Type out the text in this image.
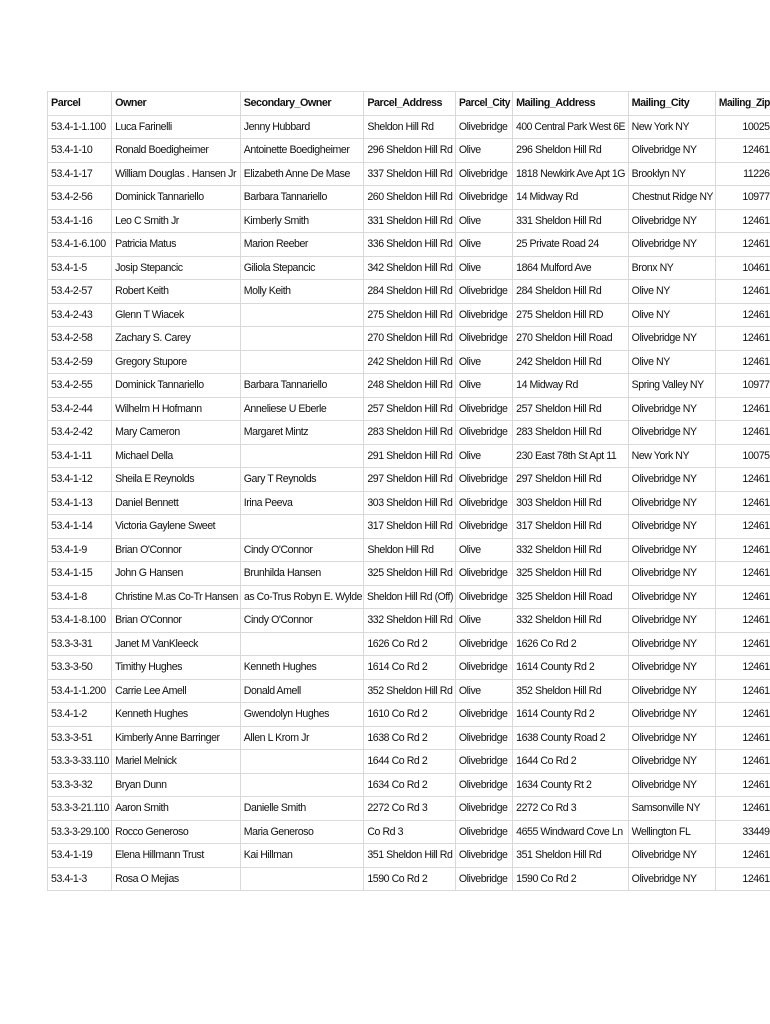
Parcel	Owner	Secondary_Owner	Parcel_Address	Parcel_City	Mailing_Address	Mailing_City	Mailing_Zip
53.4-1-1.100	Luca Farinelli	Jenny Hubbard	Sheldon Hill Rd	Olivebridge	400 Central Park West 6E	New York NY	10025
53.4-1-10	Ronald Boedigheimer	Antoinette Boedigheimer	296 Sheldon Hill Rd	Olive	296 Sheldon Hill Rd	Olivebridge NY	12461
53.4-1-17	William Douglas . Hansen Jr	Elizabeth Anne De Mase	337 Sheldon Hill Rd	Olivebridge	1818 Newkirk Ave Apt 1G	Brooklyn NY	11226
53.4-2-56	Dominick Tannariello	Barbara Tannariello	260 Sheldon Hill Rd	Olivebridge	14 Midway Rd	Chestnut Ridge NY	10977
53.4-1-16	Leo C Smith Jr	Kimberly Smith	331 Sheldon Hill Rd	Olive	331 Sheldon Hill Rd	Olivebridge NY	12461
53.4-1-6.100	Patricia Matus	Marion Reeber	336 Sheldon Hill Rd	Olive	25 Private Road 24	Olivebridge NY	12461
53.4-1-5	Josip Stepancic	Giliola Stepancic	342 Sheldon Hill Rd	Olive	1864 Mulford Ave	Bronx NY	10461
53.4-2-57	Robert Keith	Molly Keith	284 Sheldon Hill Rd	Olivebridge	284 Sheldon Hill Rd	Olive NY	12461
53.4-2-43	Glenn T Wiacek		275 Sheldon Hill Rd	Olivebridge	275 Sheldon Hill RD	Olive NY	12461
53.4-2-58	Zachary S. Carey		270 Sheldon Hill Rd	Olivebridge	270 Sheldon Hill Road	Olivebridge NY	12461
53.4-2-59	Gregory Stupore		242 Sheldon Hill Rd	Olive	242 Sheldon Hill Rd	Olive NY	12461
53.4-2-55	Dominick Tannariello	Barbara Tannariello	248 Sheldon Hill Rd	Olive	14 Midway Rd	Spring Valley NY	10977
53.4-2-44	Wilhelm H Hofmann	Anneliese U Eberle	257 Sheldon Hill Rd	Olivebridge	257 Sheldon Hill Rd	Olivebridge NY	12461
53.4-2-42	Mary Cameron	Margaret Mintz	283 Sheldon Hill Rd	Olivebridge	283 Sheldon Hill Rd	Olivebridge NY	12461
53.4-1-11	Michael Della		291 Sheldon Hill Rd	Olive	230 East 78th St Apt 11	New York NY	10075
53.4-1-12	Sheila E Reynolds	Gary T Reynolds	297 Sheldon Hill Rd	Olivebridge	297 Sheldon Hill Rd	Olivebridge NY	12461
53.4-1-13	Daniel Bennett	Irina Peeva	303 Sheldon Hill Rd	Olivebridge	303 Sheldon Hill Rd	Olivebridge NY	12461
53.4-1-14	Victoria Gaylene Sweet		317 Sheldon Hill Rd	Olivebridge	317 Sheldon Hill Rd	Olivebridge NY	12461
53.4-1-9	Brian O'Connor	Cindy O'Connor	Sheldon Hill Rd	Olive	332 Sheldon Hill Rd	Olivebridge NY	12461
53.4-1-15	John G Hansen	Brunhilda Hansen	325 Sheldon Hill Rd	Olivebridge	325 Sheldon Hill Rd	Olivebridge NY	12461
53.4-1-8	Christine M.as Co-Tr Hansen	as Co-Trus Robyn E. Wylde	Sheldon Hill Rd (Off)	Olivebridge	325 Sheldon Hill Road	Olivebridge NY	12461
53.4-1-8.100	Brian O'Connor	Cindy O'Connor	332 Sheldon Hill Rd	Olive	332 Sheldon Hill Rd	Olivebridge NY	12461
53.3-3-31	Janet M VanKleeck		1626 Co Rd 2	Olivebridge	1626 Co Rd 2	Olivebridge NY	12461
53.3-3-50	Timithy Hughes	Kenneth Hughes	1614 Co Rd 2	Olivebridge	1614 County Rd 2	Olivebridge NY	12461
53.4-1-1.200	Carrie Lee Amell	Donald Amell	352 Sheldon Hill Rd	Olive	352 Sheldon Hill Rd	Olivebridge NY	12461
53.4-1-2	Kenneth Hughes	Gwendolyn Hughes	1610 Co Rd 2	Olivebridge	1614 County Rd 2	Olivebridge NY	12461
53.3-3-51	Kimberly Anne Barringer	Allen L Krom Jr	1638 Co Rd 2	Olivebridge	1638 County Road 2	Olivebridge NY	12461
53.3-3-33.110	Mariel Melnick		1644 Co Rd 2	Olivebridge	1644 Co Rd 2	Olivebridge NY	12461
53.3-3-32	Bryan Dunn		1634 Co Rd 2	Olivebridge	1634 County Rt 2	Olivebridge NY	12461
53.3-3-21.110	Aaron Smith	Danielle Smith	2272 Co Rd 3	Olivebridge	2272 Co Rd 3	Samsonville NY	12461
53.3-3-29.100	Rocco Generoso	Maria Generoso	Co Rd 3	Olivebridge	4655 Windward Cove Ln	Wellington FL	33449
53.4-1-19	Elena Hillmann Trust	Kai Hillman	351 Sheldon Hill Rd	Olivebridge	351 Sheldon Hill Rd	Olivebridge NY	12461
53.4-1-3	Rosa O Mejias		1590 Co Rd 2	Olivebridge	1590 Co Rd 2	Olivebridge NY	12461
